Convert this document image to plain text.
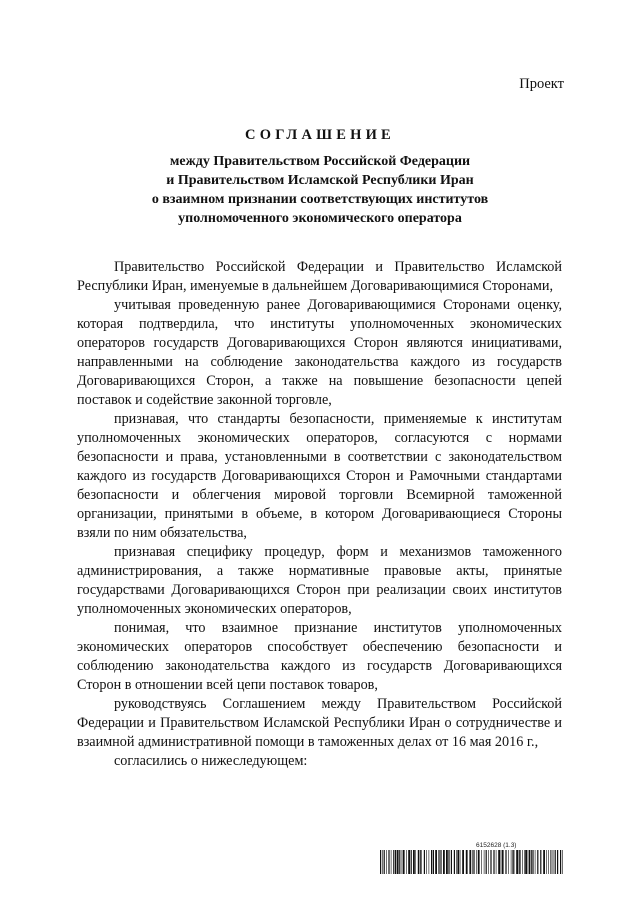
Проект
СОГЛАШЕНИЕ
между Правительством Российской Федерации
и Правительством Исламской Республики Иран
о взаимном признании соответствующих институтов
уполномоченного экономического оператора

Правительство Российской Федерации и Правительство Исламской Республики Иран, именуемые в дальнейшем Договаривающимися Сторонами,

учитывая проведенную ранее Договаривающимися Сторонами оценку, которая подтвердила, что институты уполномоченных экономических операторов государств Договаривающихся Сторон являются инициативами, направленными на соблюдение законодательства каждого из государств Договаривающихся Сторон, а также на повышение безопасности цепей поставок и содействие законной торговле,

признавая, что стандарты безопасности, применяемые к институтам уполномоченных экономических операторов, согласуются с нормами безопасности и права, установленными в соответствии с законодательством каждого из государств Договаривающихся Сторон и Рамочными стандартами безопасности и облегчения мировой торговли Всемирной таможенной организации, принятыми в объеме, в котором Договаривающиеся Стороны взяли по ним обязательства,

признавая специфику процедур, форм и механизмов таможенного администрирования, а также нормативные правовые акты, принятые государствами Договаривающихся Сторон при реализации своих институтов уполномоченных экономических операторов,

понимая, что взаимное признание институтов уполномоченных экономических операторов способствует обеспечению безопасности и соблюдению законодательства каждого из государств Договаривающихся Сторон в отношении всей цепи поставок товаров,

руководствуясь Соглашением между Правительством Российской Федерации и Правительством Исламской Республики Иран о сотрудничестве и взаимной административной помощи в таможенных делах от 16 мая 2016 г.,

согласились о нижеследующем:

6152628 (1.3)
